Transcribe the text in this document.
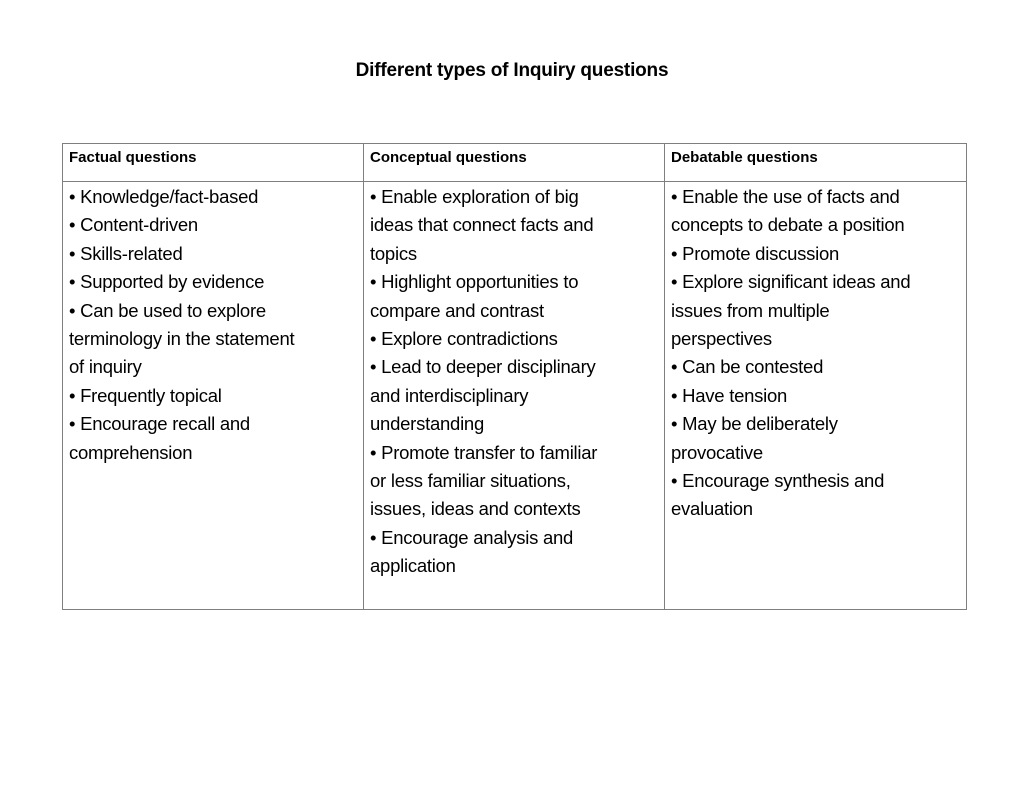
Different types of Inquiry questions
Factual questions	Conceptual questions	Debatable questions

• Knowledge/fact-based
• Content-driven
• Skills-related
• Supported by evidence
• Can be used to explore
terminology in the statement
of inquiry
• Frequently topical
• Encourage recall and
comprehension

• Enable exploration of big
ideas that connect facts and
topics
• Highlight opportunities to
compare and contrast
• Explore contradictions
• Lead to deeper disciplinary
and interdisciplinary
understanding
• Promote transfer to familiar
or less familiar situations,
issues, ideas and contexts
• Encourage analysis and
application

• Enable the use of facts and
concepts to debate a position
• Promote discussion
• Explore significant ideas and
issues from multiple
perspectives
• Can be contested
• Have tension
• May be deliberately
provocative
• Encourage synthesis and
evaluation
